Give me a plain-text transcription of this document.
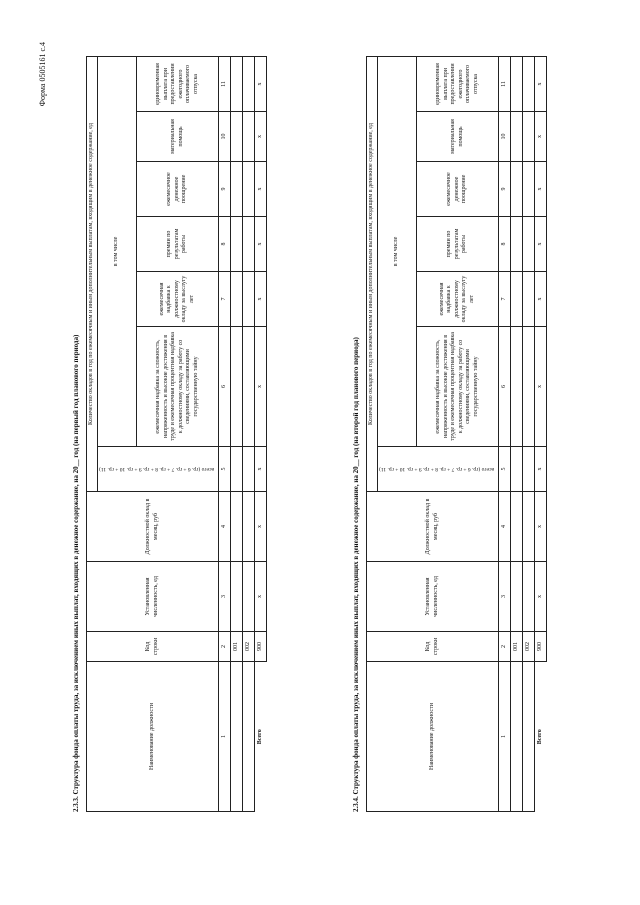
Форма 0505161 с.4
2.3.3. Структура фонда оплаты труда, за исключением иных выплат, входящих в денежное содержание, на 20__ год (на первый год планового периода)	Наименование должности	Код строки	Установленная численность, ед	Должностной оклад в месяц, руб	Количество окладов в год по ежемесячным и иным дополнительным выплатам, входящим в денежное содержание, ед						
				всего (гр. 6 + гр. 7 + гр. 8 + гр. 9 + гр. 10 + гр. 11)	в том числе					
					ежемесячная надбавка за сложность, напряженность и высокие достижения в труде и ежемесячная процентная надбавка к должностному окладу за работу со сведениями, составляющими государственную тайну	ежемесячная надбавка к должностному окладу за выслугу лет	премии по результатам работы	ежемесячное денежное поощрение	материальная помощь	единовременная выплата при предоставлении ежегодного оплачиваемого отпуска
1	2	3	4	5	6	7	8	9	10	11
	001									
	002									
Всего	900	x	x	x	x	x	x	x	x	x
2.3.4. Структура фонда оплаты труда, за исключением иных выплат, входящих в денежное содержание, на 20__ год (на второй год планового периода)	Наименование должности	Код строки	Установленная численность, ед	Должностной оклад в месяц, руб	Количество окладов в год по ежемесячным и иным дополнительным выплатам, входящим в денежное содержание, ед						
				всего (гр. 6 + гр. 7 + гр. 8 + гр. 9 + гр. 10 + гр. 11)	в том числе					
					ежемесячная надбавка за сложность, напряженность и высокие достижения в труде и ежемесячная процентная надбавка к должностному окладу за работу со сведениями, составляющими государственную тайну	ежемесячная надбавка к должностному окладу за выслугу лет	премии по результатам работы	ежемесячное денежное поощрение	материальная помощь	единовременная выплата при предоставлении ежегодного оплачиваемого отпуска
1	2	3	4	5	6	7	8	9	10	11
	001									
	002									
Всего	900	x	x	x	x	x	x	x	x	x
